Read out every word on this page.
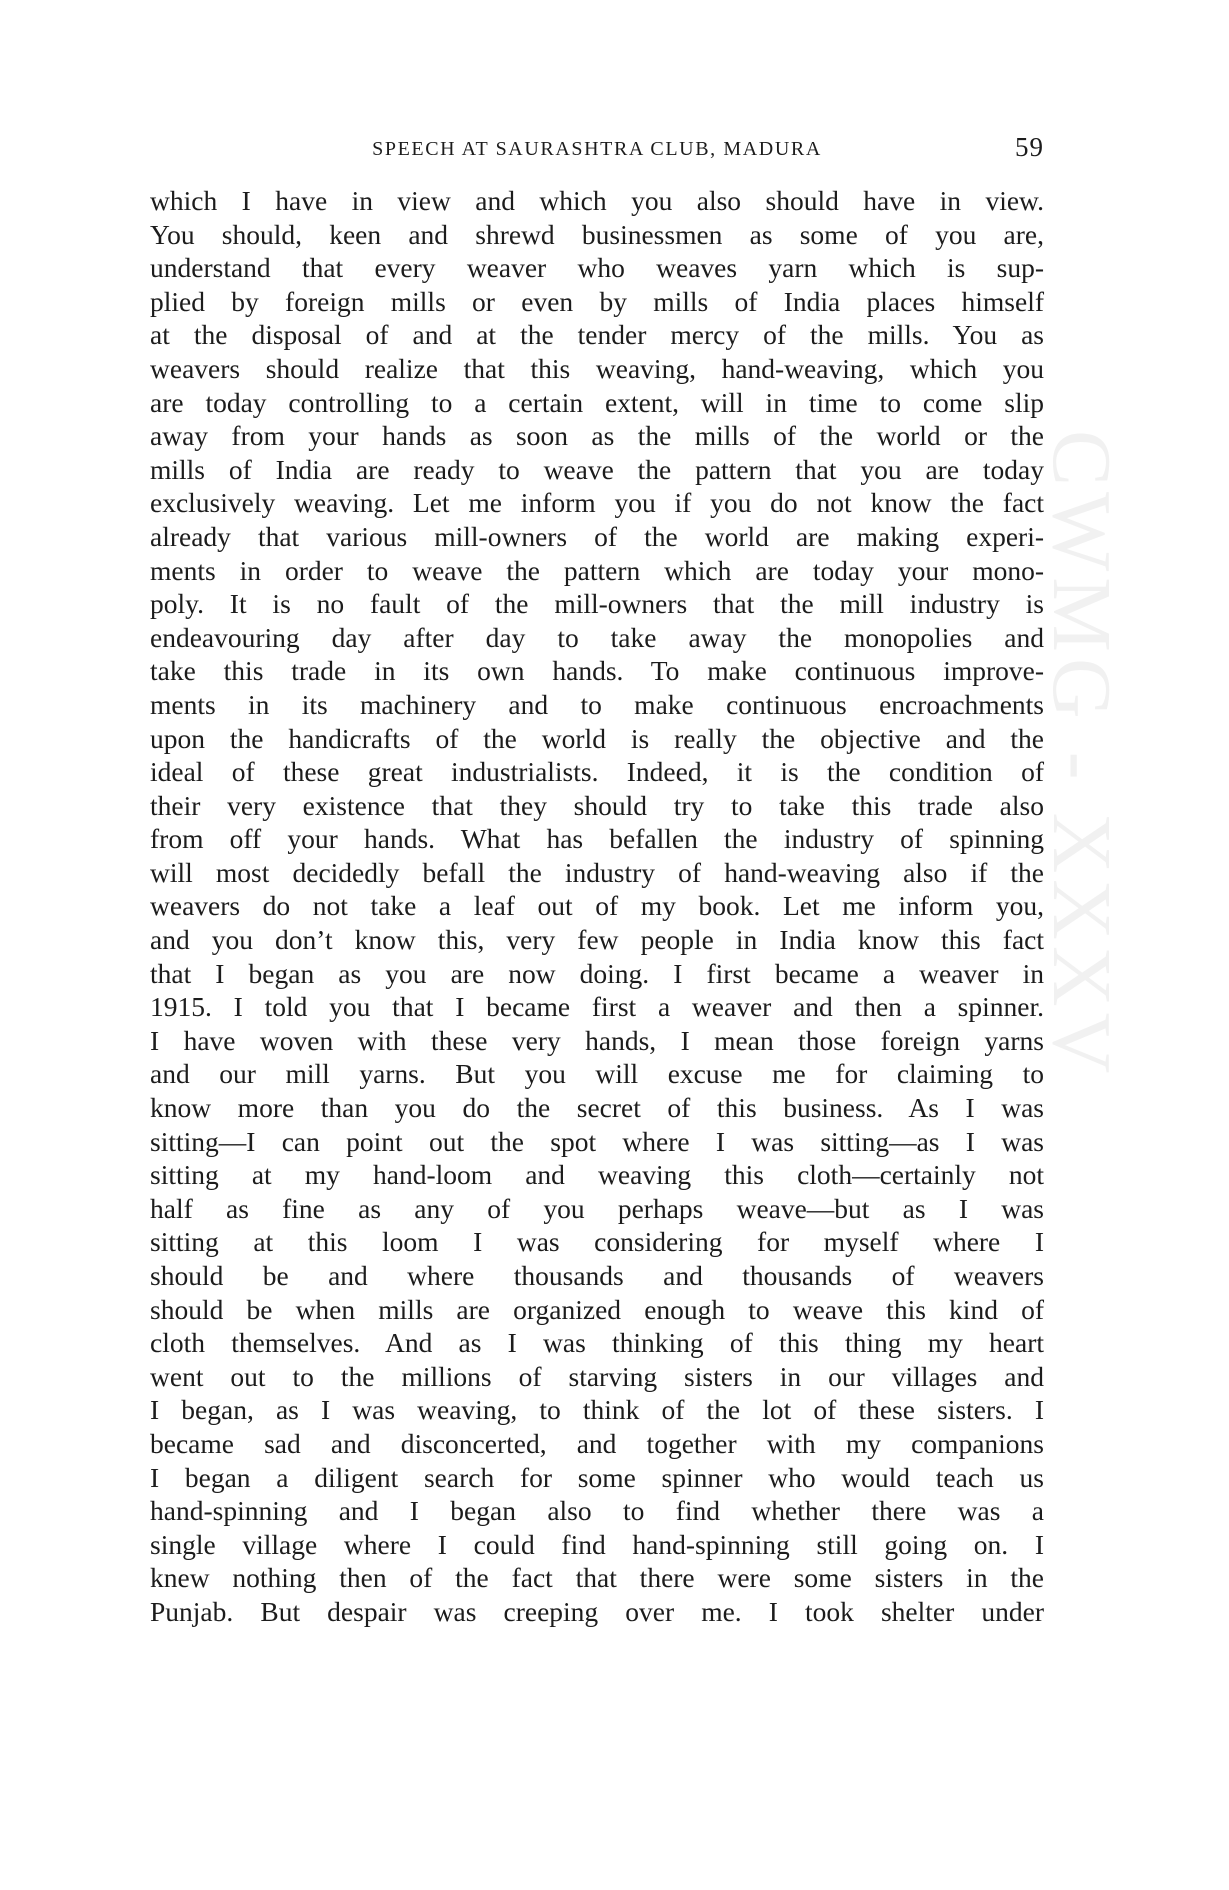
CWMG - XXXV
SPEECH AT SAURASHTRA CLUB, MADURA	59
which I have in view and which you also should have in view.
You should, keen and shrewd businessmen as some of you are,
understand that every weaver who weaves yarn which is sup-
plied by foreign mills or even by mills of India places himself
at the disposal of and at the tender mercy of the mills. You as
weavers should realize that this weaving, hand-weaving, which you
are today controlling to a certain extent, will in time to come slip
away from your hands as soon as the mills of the world or the
mills of India are ready to weave the pattern that you are today
exclusively weaving. Let me inform you if you do not know the fact
already that various mill-owners of the world are making experi-
ments in order to weave the pattern which are today your mono-
poly. It is no fault of the mill-owners that the mill industry is
endeavouring day after day to take away the monopolies and
take this trade in its own hands. To make continuous improve-
ments in its machinery and to make continuous encroachments
upon the handicrafts of the world is really the objective and the
ideal of these great industrialists. Indeed, it is the condition of
their very existence that they should try to take this trade also
from off your hands. What has befallen the industry of spinning
will most decidedly befall the industry of hand-weaving also if the
weavers do not take a leaf out of my book. Let me inform you,
and you don’t know this, very few people in India know this fact
that I began as you are now doing. I first became a weaver in
1915. I told you that I became first a weaver and then a spinner.
I have woven with these very hands, I mean those foreign yarns
and our mill yarns. But you will excuse me for claiming to
know more than you do the secret of this business. As I was
sitting—I can point out the spot where I was sitting—as I was
sitting at my hand-loom and weaving this cloth—certainly not
half as fine as any of you perhaps weave—but as I was
sitting at this loom I was considering for myself where I
should be and where thousands and thousands of weavers
should be when mills are organized enough to weave this kind of
cloth themselves. And as I was thinking of this thing my heart
went out to the millions of starving sisters in our villages and
I began, as I was weaving, to think of the lot of these sisters. I
became sad and disconcerted, and together with my companions
I began a diligent search for some spinner who would teach us
hand-spinning and I began also to find whether there was a
single village where I could find hand-spinning still going on. I
knew nothing then of the fact that there were some sisters in the
Punjab. But despair was creeping over me. I took shelter under
